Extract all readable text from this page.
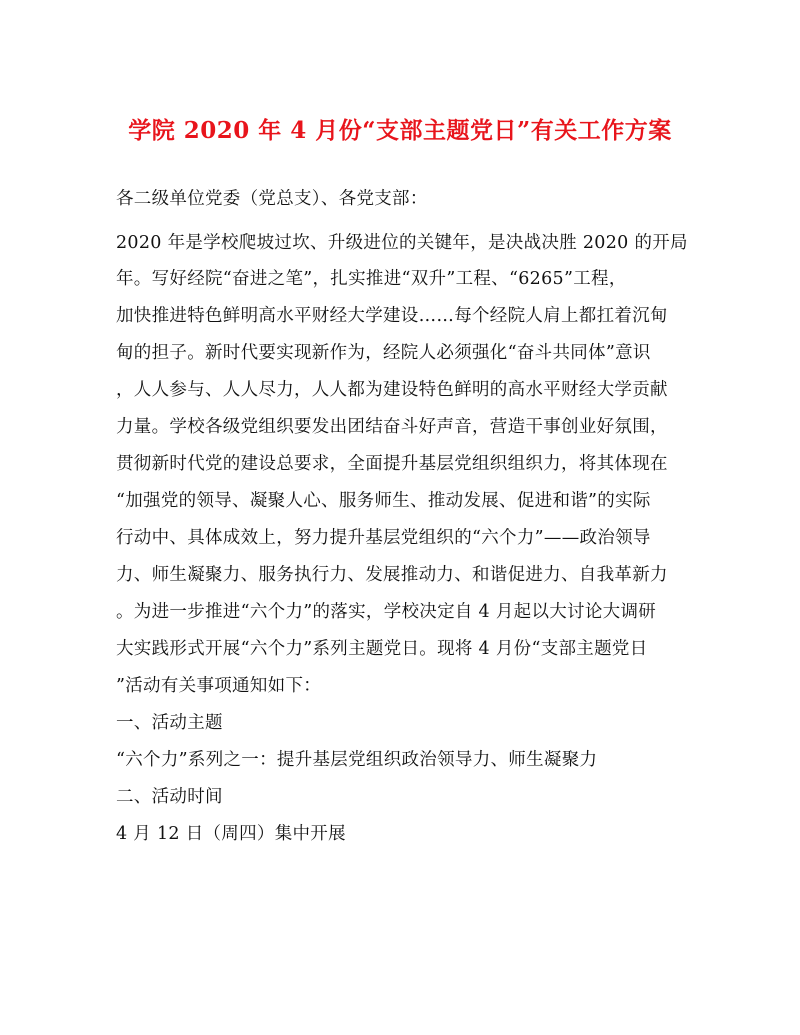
学院 2020 年 4 月份“支部主题党日”有关工作方案
各二级单位党委（党总支）、各党支部：
2020 年是学校爬坡过坎、升级进位的关键年，是决战决胜 2020 的开局
年。写好经院“奋进之笔”，扎实推进“双升”工程、“6265”工程，
加快推进特色鲜明高水平财经大学建设……每个经院人肩上都扛着沉甸
甸的担子。新时代要实现新作为，经院人必须强化“奋斗共同体”意识
，人人参与、人人尽力，人人都为建设特色鲜明的高水平财经大学贡献
力量。学校各级党组织要发出团结奋斗好声音，营造干事创业好氛围，
贯彻新时代党的建设总要求，全面提升基层党组织组织力，将其体现在
“加强党的领导、凝聚人心、服务师生、推动发展、促进和谐”的实际
行动中、具体成效上，努力提升基层党组织的“六个力”——政治领导
力、师生凝聚力、服务执行力、发展推动力、和谐促进力、自我革新力
。为进一步推进“六个力”的落实，学校决定自 4 月起以大讨论大调研
大实践形式开展“六个力”系列主题党日。现将 4 月份“支部主题党日
”活动有关事项通知如下：
一、活动主题
“六个力”系列之一：提升基层党组织政治领导力、师生凝聚力
二、活动时间
4 月 12 日（周四）集中开展
